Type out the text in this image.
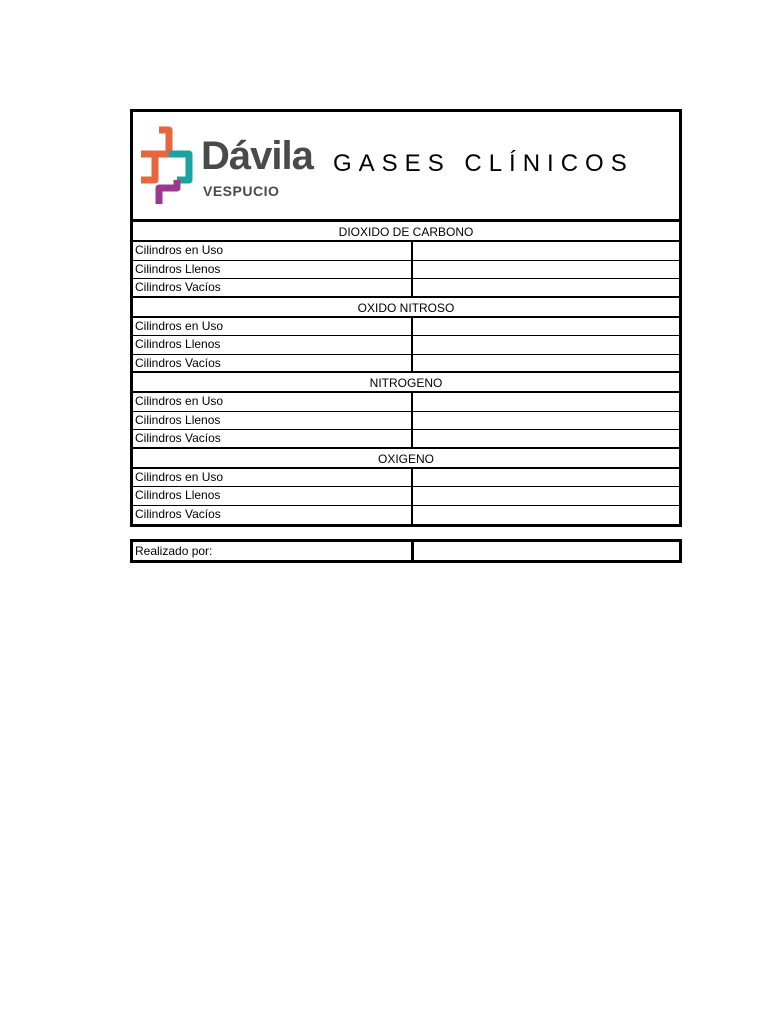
Dávila
VESPUCIO
GASES CLÍNICOS
DIOXIDO DE CARBONO
Cilindros en Uso
Cilindros Llenos
Cilindros Vacíos
OXIDO NITROSO
Cilindros en Uso
Cilindros Llenos
Cilindros Vacíos
NITROGENO
Cilindros en Uso
Cilindros Llenos
Cilindros Vacíos
OXIGENO
Cilindros en Uso
Cilindros Llenos
Cilindros Vacíos
Realizado por:
